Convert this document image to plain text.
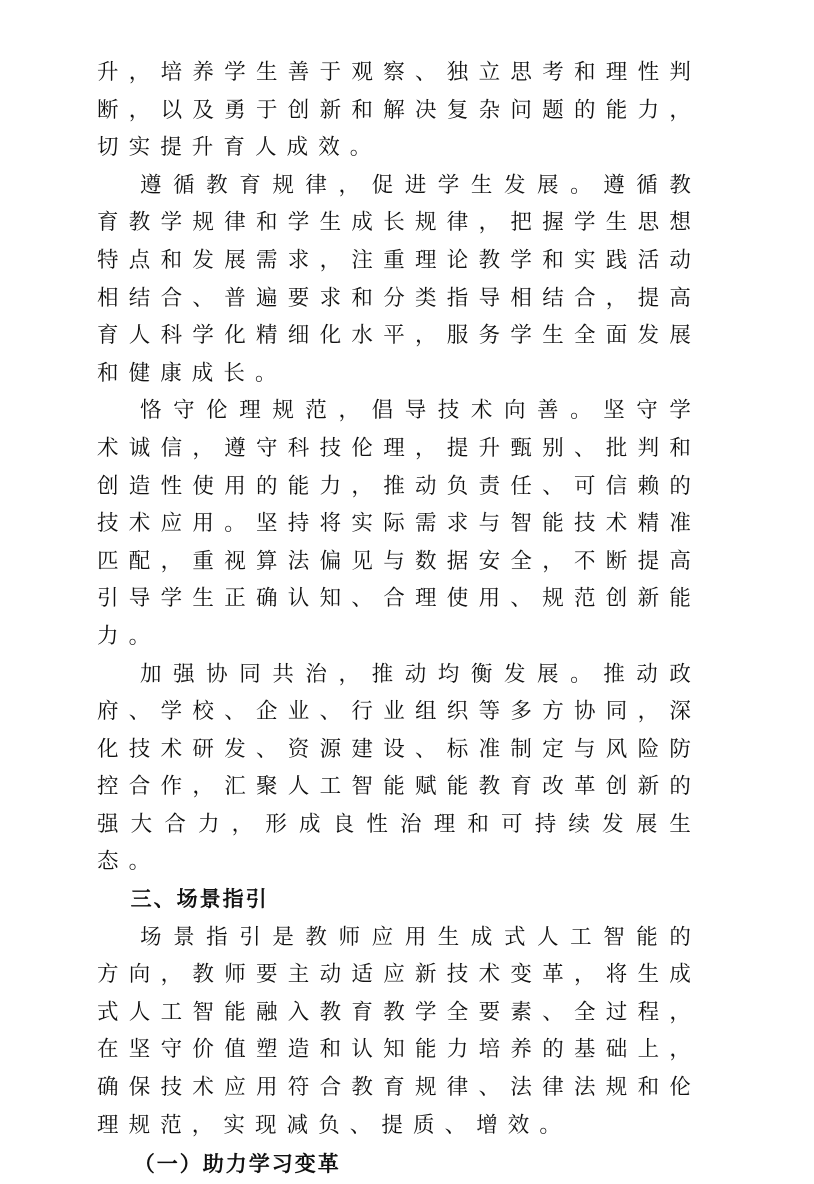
升，培养学生善于观察、独立思考和理性判断，以及勇于创新和解决复杂问题的能力，切实提升育人成效。

遵循教育规律，促进学生发展。遵循教育教学规律和学生成长规律，把握学生思想特点和发展需求，注重理论教学和实践活动相结合、普遍要求和分类指导相结合，提高育人科学化精细化水平，服务学生全面发展和健康成长。

恪守伦理规范，倡导技术向善。坚守学术诚信，遵守科技伦理，提升甄别、批判和创造性使用的能力，推动负责任、可信赖的技术应用。坚持将实际需求与智能技术精准匹配，重视算法偏见与数据安全，不断提高引导学生正确认知、合理使用、规范创新能力。

加强协同共治，推动均衡发展。推动政府、学校、企业、行业组织等多方协同，深化技术研发、资源建设、标准制定与风险防控合作，汇聚人工智能赋能教育改革创新的强大合力，形成良性治理和可持续发展生态。

三、场景指引

场景指引是教师应用生成式人工智能的方向，教师要主动适应新技术变革，将生成式人工智能融入教育教学全要素、全过程，在坚守价值塑造和认知能力培养的基础上，确保技术应用符合教育规律、法律法规和伦理规范，实现减负、提质、增效。

（一）助力学习变革
